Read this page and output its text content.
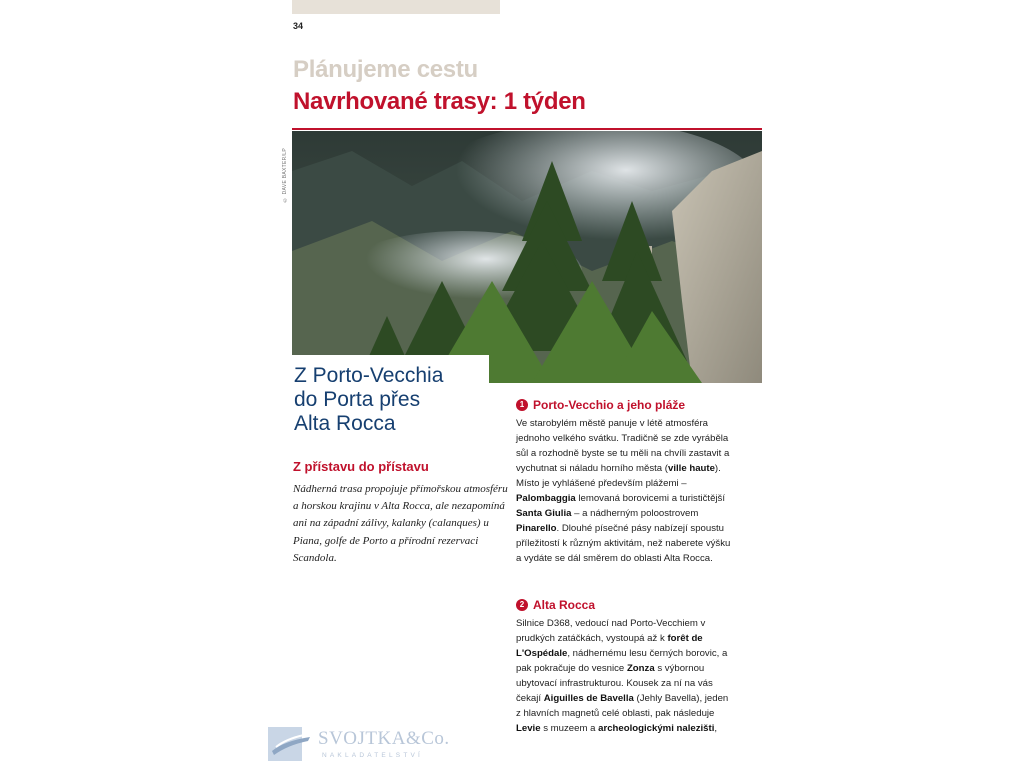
34
Plánujeme cestu
Navrhované trasy: 1 týden
© DAVE BAXTER/LP
Z Porto-Vecchia
do Porta přes
Alta Rocca
Z přístavu do přístavu
Nádherná trasa propojuje přímořskou atmosféru a horskou krajinu v Alta Rocca, ale nezapomíná ani na západní zálivy, kalanky (calanques) u Piana, golfe de Porto a přírodní rezervaci Scandola.
1 Porto-Vecchio a jeho pláže

Ve starobylém městě panuje v létě atmosféra jednoho velkého svátku. Tradičně se zde vyráběla sůl a rozhodně byste se tu měli na chvíli zastavit a vychutnat si náladu horního města (ville haute). Místo je vyhlášené především plážemi – Palombaggia lemovaná borovicemi a turističtější Santa Giulia – a nádherným poloostrovem Pinarello. Dlouhé písečné pásy nabízejí spoustu příležitostí k různým aktivitám, než naberete výšku a vydáte se dál směrem do oblasti Alta Rocca.

2 Alta Rocca

Silnice D368, vedoucí nad Porto-Vecchiem v prudkých zatáčkách, vystoupá až k forêt de L'Ospédale, nádhernému lesu černých borovic, a pak pokračuje do vesnice Zonza s výbornou ubytovací infrastrukturou. Kousek za ní na vás čekají Aiguilles de Bavella (Jehly Bavella), jeden z hlavních magnetů celé oblasti, pak následuje Levie s muzeem a archeologickými nalezišti,

SVOJTKA&Co.
NAKLADATELSTVÍ
